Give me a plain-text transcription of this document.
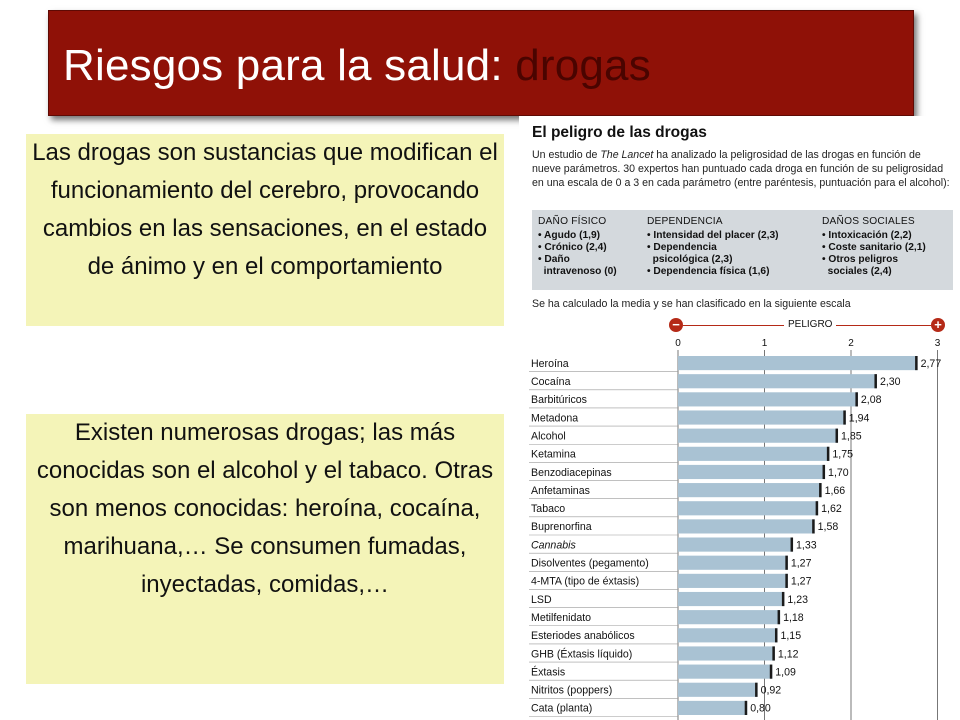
Riesgos para la salud: drogas
Las drogas son sustancias que modifican el funcionamiento del cerebro, provocando cambios en las sensaciones, en el estado de ánimo y en el comportamiento
Existen numerosas drogas; las más conocidas son el alcohol y el tabaco. Otras son menos conocidas: heroína, cocaína, marihuana,… Se consumen fumadas, inyectadas, comidas,…
El peligro de las drogas
Un estudio de The Lancet ha analizado la peligrosidad de las drogas en función de nueve parámetros. 30 expertos han puntuado cada droga en función de su peligrosidad en una escala de 0 a 3 en cada parámetro (entre paréntesis, puntuación para el alcohol):
DAÑO FÍSICO
• Agudo (1,9)
• Crónico (2,4)
• Daño
intravenoso (0)
DEPENDENCIA
• Intensidad del placer (2,3)
• Dependencia
psicológica (2,3)
• Dependencia física (1,6)
DAÑOS SOCIALES
• Intoxicación (2,2)
• Coste sanitario (2,1)
• Otros peligros
sociales (2,4)
Se ha calculado la media y se han clasificado en la siguiente escala
−	PELIGRO	+
0	1	2	3
Heroína	2,77
Cocaína	2,30
Barbitúricos	2,08
Metadona	1,94
Alcohol	1,85
Ketamina	1,75
Benzodiacepinas	1,70
Anfetaminas	1,66
Tabaco	1,62
Buprenorfina	1,58
Cannabis	1,33
Disolventes (pegamento)	1,27
4-MTA (tipo de éxtasis)	1,27
LSD	1,23
Metilfenidato	1,18
Esteriodes anabólicos	1,15
GHB (Éxtasis líquido)	1,12
Éxtasis	1,09
Nitritos (poppers)	0,92
Cata (planta)	0,80
